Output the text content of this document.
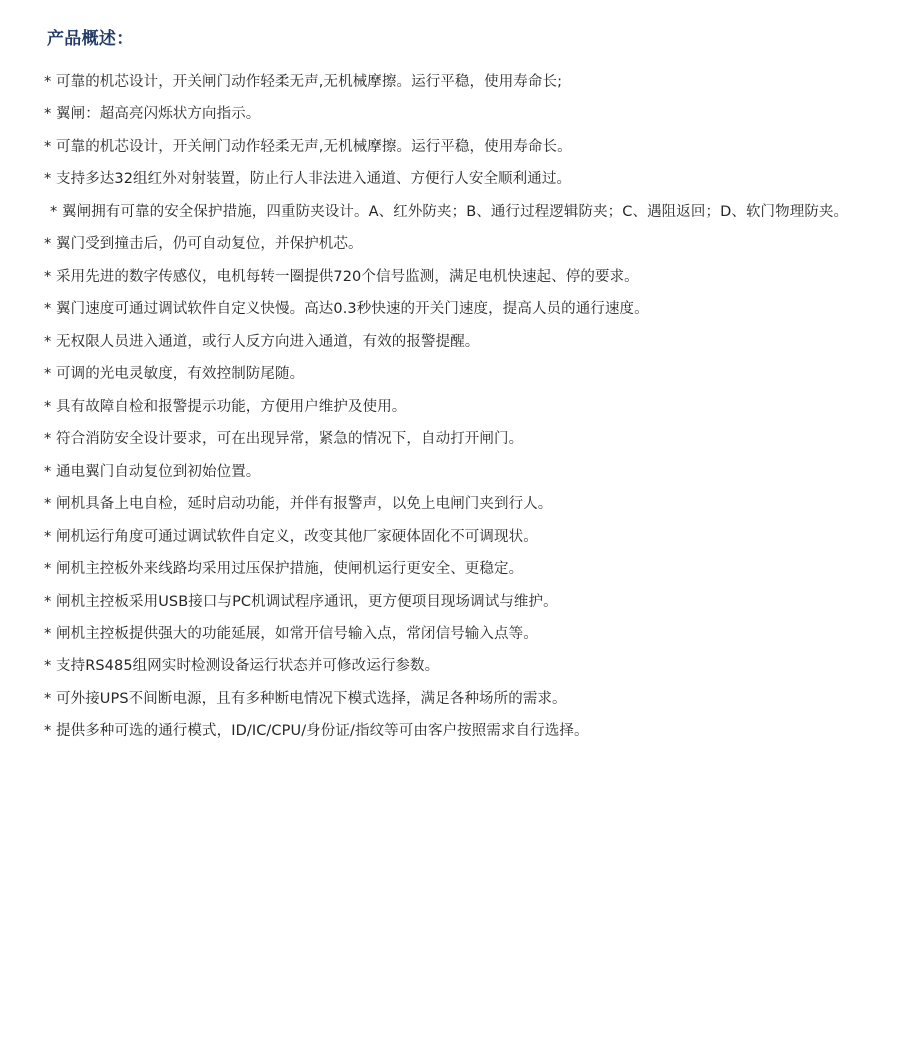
产品概述：
* 可靠的机芯设计，开关闸门动作轻柔无声,无机械摩擦。运行平稳，使用寿命长;
* 翼闸：超高亮闪烁状方向指示。
* 可靠的机芯设计，开关闸门动作轻柔无声,无机械摩擦。运行平稳，使用寿命长。
* 支持多达32组红外对射装置，防止行人非法进入通道、方便行人安全顺利通过。
* 翼闸拥有可靠的安全保护措施，四重防夹设计。A、红外防夹；B、通行过程逻辑防夹；C、遇阻返回；D、软门物理防夹。
* 翼门受到撞击后，仍可自动复位，并保护机芯。
* 采用先进的数字传感仪，电机每转一圈提供720个信号监测，满足电机快速起、停的要求。
* 翼门速度可通过调试软件自定义快慢。高达0.3秒快速的开关门速度，提高人员的通行速度。
* 无权限人员进入通道，或行人反方向进入通道，有效的报警提醒。
* 可调的光电灵敏度，有效控制防尾随。
* 具有故障自检和报警提示功能，方便用户维护及使用。
* 符合消防安全设计要求，可在出现异常，紧急的情况下，自动打开闸门。
* 通电翼门自动复位到初始位置。
* 闸机具备上电自检，延时启动功能，并伴有报警声，以免上电闸门夹到行人。
* 闸机运行角度可通过调试软件自定义，改变其他厂家硬体固化不可调现状。
* 闸机主控板外来线路均采用过压保护措施，使闸机运行更安全、更稳定。
* 闸机主控板采用USB接口与PC机调试程序通讯，更方便项目现场调试与维护。
* 闸机主控板提供强大的功能延展，如常开信号输入点，常闭信号输入点等。
* 支持RS485组网实时检测设备运行状态并可修改运行参数。
* 可外接UPS不间断电源，且有多种断电情况下模式选择，满足各种场所的需求。
* 提供多种可选的通行模式，ID/IC/CPU/身份证/指纹等可由客户按照需求自行选择。
